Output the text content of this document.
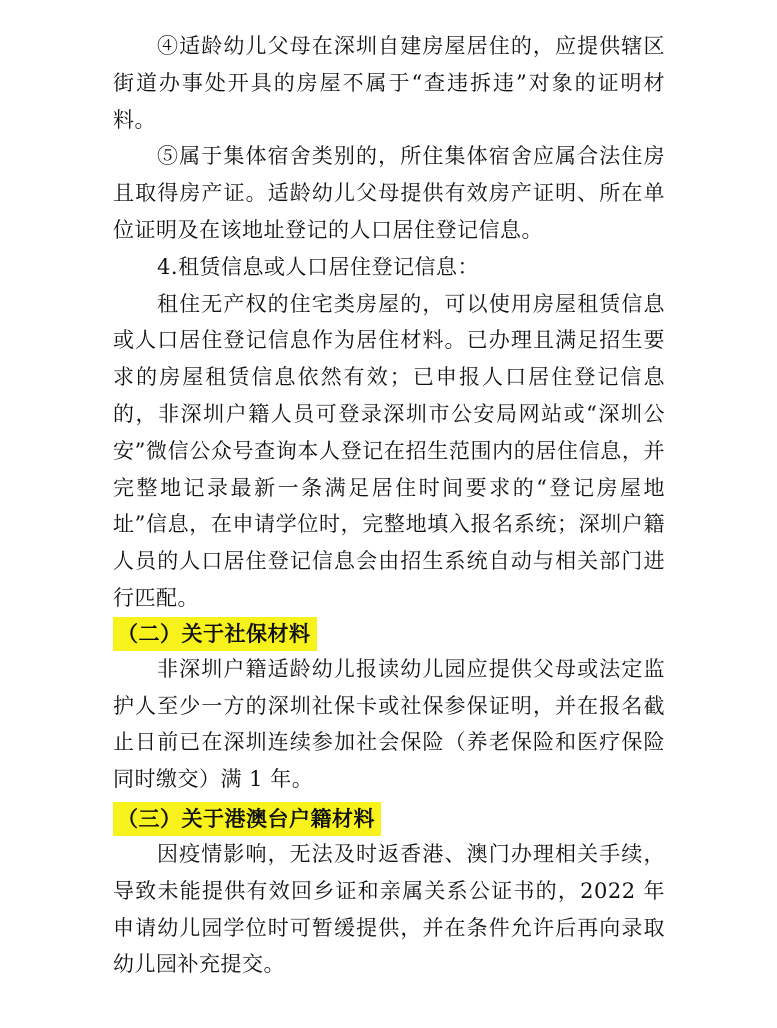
④适龄幼儿父母在深圳自建房屋居住的，应提供辖区街道办事处开具的房屋不属于“查违拆违”对象的证明材料。

⑤属于集体宿舍类别的，所住集体宿舍应属合法住房且取得房产证。适龄幼儿父母提供有效房产证明、所在单位证明及在该地址登记的人口居住登记信息。

4.租赁信息或人口居住登记信息：

租住无产权的住宅类房屋的，可以使用房屋租赁信息或人口居住登记信息作为居住材料。已办理且满足招生要求的房屋租赁信息依然有效；已申报人口居住登记信息的，非深圳户籍人员可登录深圳市公安局网站或“深圳公安”微信公众号查询本人登记在招生范围内的居住信息，并完整地记录最新一条满足居住时间要求的“登记房屋地址”信息，在申请学位时，完整地填入报名系统；深圳户籍人员的人口居住登记信息会由招生系统自动与相关部门进行匹配。

（二）关于社保材料

非深圳户籍适龄幼儿报读幼儿园应提供父母或法定监护人至少一方的深圳社保卡或社保参保证明，并在报名截止日前已在深圳连续参加社会保险（养老保险和医疗保险同时缴交）满 1 年。

（三）关于港澳台户籍材料

因疫情影响，无法及时返香港、澳门办理相关手续，导致未能提供有效回乡证和亲属关系公证书的，2022 年申请幼儿园学位时可暂缓提供，并在条件允许后再向录取幼儿园补充提交。
